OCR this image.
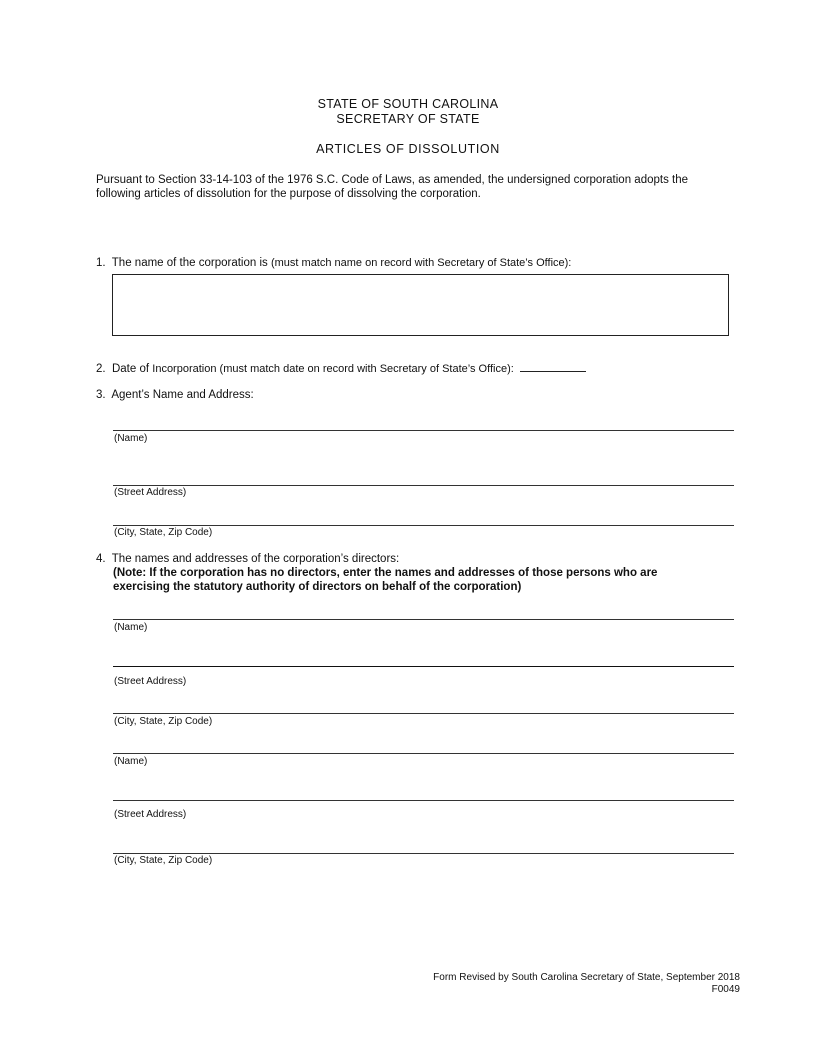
STATE OF SOUTH CAROLINA
SECRETARY OF STATE
ARTICLES OF DISSOLUTION
Pursuant to Section 33-14-103 of the 1976 S.C. Code of Laws, as amended, the undersigned corporation adopts the following articles of dissolution for the purpose of dissolving the corporation.
1. The name of the corporation is (must match name on record with Secretary of State’s Office):
2. Date of Incorporation (must match date on record with Secretary of State’s Office):
3. Agent’s Name and Address:
(Name)
(Street Address)
(City, State, Zip Code)
4. The names and addresses of the corporation’s directors:
(Note: If the corporation has no directors, enter the names and addresses of those persons who are
exercising the statutory authority of directors on behalf of the corporation)
(Name)
(Street Address)
(City, State, Zip Code)
(Name)
(Street Address)
(City, State, Zip Code)
Form Revised by South Carolina Secretary of State, September 2018
F0049
